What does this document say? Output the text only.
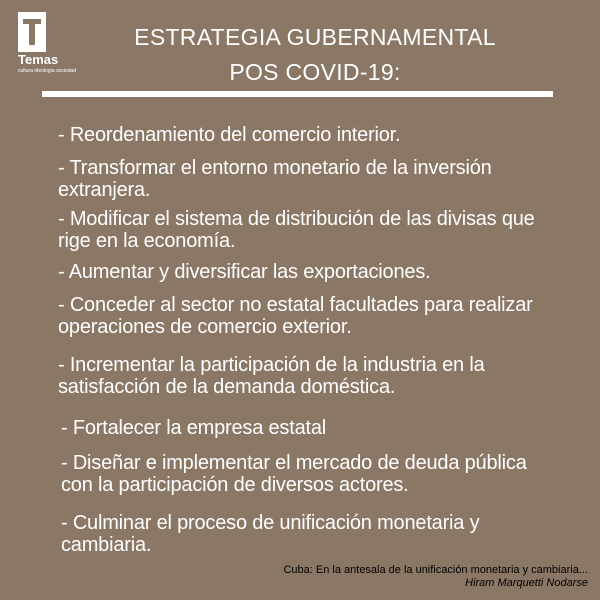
Temas
cultura ideología sociedad
ESTRATEGIA GUBERNAMENTAL
POS COVID-19:
- Reordenamiento del comercio interior.
- Transformar el entorno monetario de la inversión extranjera.
- Modificar el sistema de distribución de las divisas que rige en la economía.
- Aumentar y diversificar las exportaciones.
- Conceder al sector no estatal facultades para realizar operaciones de comercio exterior.
- Incrementar la participación de la industria en la satisfacción de la demanda doméstica.
- Fortalecer la empresa estatal
- Diseñar e implementar el mercado de deuda pública con la participación de diversos actores.
- Culminar el proceso de unificación monetaria y cambiaria.
Cuba: En la antesala de la unificación monetaria y cambiaria...
Hiram Marquetti Nodarse
